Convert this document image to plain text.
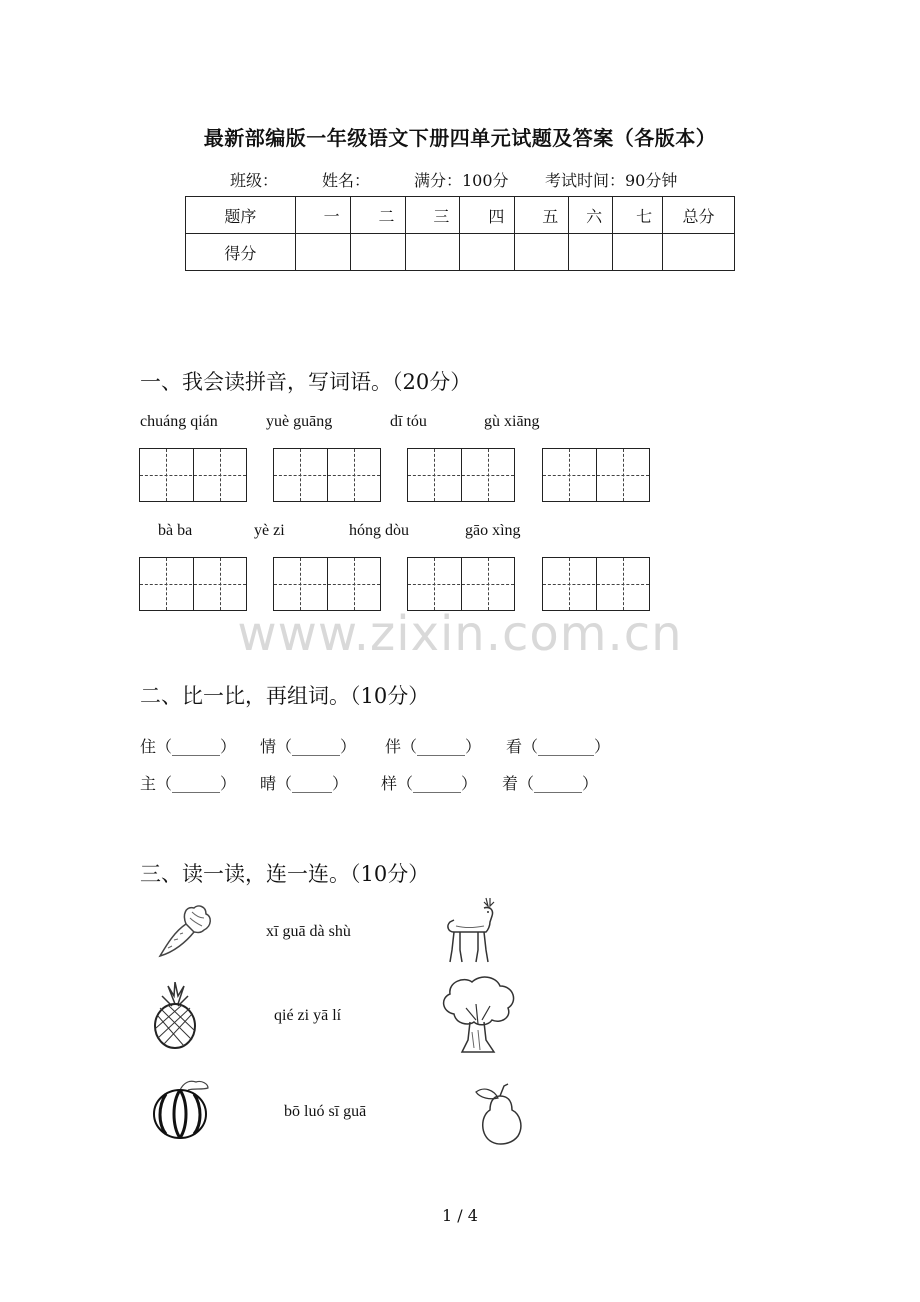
最新部编版一年级语文下册四单元试题及答案（各版本）
班级：	姓名：	满分：100分 考试时间：90分钟
题序	一	二	三	四	五	六	七	总分
得分								
一、我会读拼音，写词语。（20分）
chuáng qián	yuè guāng	dī tóu	gù xiāng
bà ba	yè zi	hóng dòu	gāo xìng
www.zixin.com.cn
二、比一比，再组词。（10分）
住（______） 情（______） 伴（______） 看（_______）
主（______） 晴（_____） 样（______） 着（______）
三、读一读，连一连。（10分）
xī guā dà shù
qié zi yā lí
bō luó sī guā
1 / 4
